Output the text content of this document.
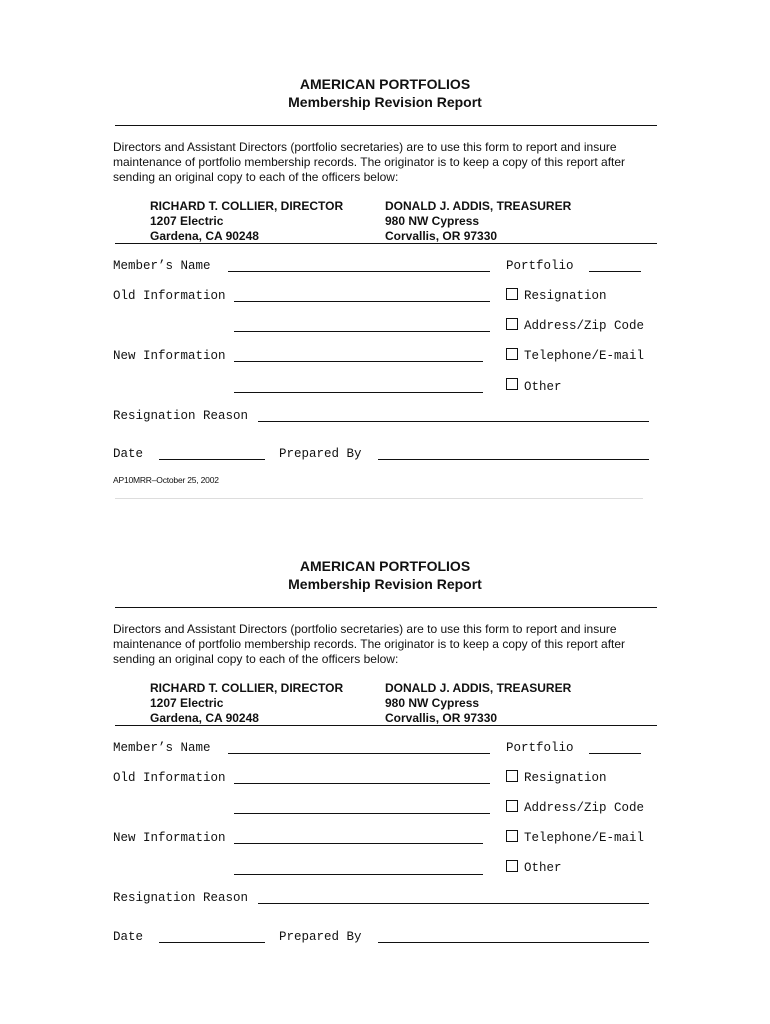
AMERICAN PORTFOLIOS
Membership Revision Report
Directors and Assistant Directors (portfolio secretaries) are to use this form to report and insure maintenance of portfolio membership records. The originator is to keep a copy of this report after sending an original copy to each of the officers below:
RICHARD T. COLLIER, DIRECTOR
1207 Electric
Gardena, CA 90248
DONALD J. ADDIS, TREASURER
980 NW Cypress
Corvallis, OR 97330
Member’s Name	Portfolio
Old Information
New Information
Resignation
Address/Zip Code
Telephone/E-mail
Other
Resignation Reason
Date	Prepared By
AP10MRR–October 25, 2002
AMERICAN PORTFOLIOS
Membership Revision Report
Directors and Assistant Directors (portfolio secretaries) are to use this form to report and insure maintenance of portfolio membership records. The originator is to keep a copy of this report after sending an original copy to each of the officers below:
RICHARD T. COLLIER, DIRECTOR
1207 Electric
Gardena, CA 90248
DONALD J. ADDIS, TREASURER
980 NW Cypress
Corvallis, OR 97330
Member’s Name	Portfolio
Old Information
New Information
Resignation
Address/Zip Code
Telephone/E-mail
Other
Resignation Reason
Date	Prepared By
